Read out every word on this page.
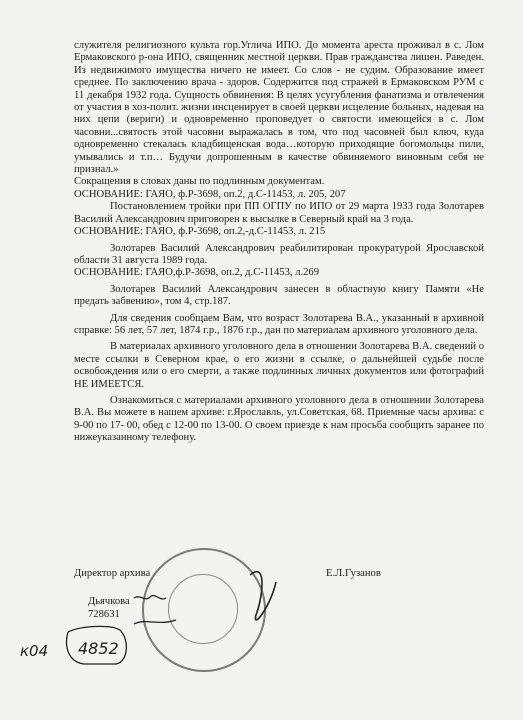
служителя религиозного культа гор.Углича ИПО. До момента ареста проживал в с. Лом Ермаковского р-она ИПО, священник местной церкви. Прав гражданства лишен. Раведен. Из недвижимого имущества ничего не имеет. Со слов - не судим. Образование имеет среднее. По заключению врача - здоров. Содержится под стражей в Ермаковском РУМ с 11 декабря 1932 года. Сущность обвинения: В целях усугубления фанатизма и отвлечения от участия в хоз-полит. жизни инсценирует в своей церкви исцеление больных, надевая на них цепи (вериги) и одновременно проповедует о святости имеющейся в с. Лом часовни...святость этой часовни выражалась в том, что под часовней был ключ, куда одновременно стекалась кладбищенская вода…которую приходящие богомольцы пили, умывались и т.п… Будучи допрошенным в качестве обвиняемого виновным себя не признал.»

Сокращения в словах даны по подлинным документам.

ОСНОВАНИЕ: ГАЯО, ф.Р-3698, оп.2, д.С-11453, л. 205, 207

Постановлением тройки при ПП ОГПУ по ИПО от 29 марта 1933 года Золотарев Василий Александрович приговорен к высылке в Северный край на 3 года.

ОСНОВАНИЕ: ГАЯО, ф.Р-3698, оп.2,-д.С-11453, л. 215

Золотарев Василий Александрович реабилитирован прокуратурой Ярославской области 31 августа 1989 года.

ОСНОВАНИЕ: ГАЯО,ф.Р-3698, оп.2, д.С-11453, л.269

Золотарев Василий Александрович занесен в областную книгу Памяти «Не предать забвению», том 4, стр.187.

Для сведения сообщаем Вам, что возраст Золотарева В.А., указанный в архивной справке: 56 лет, 57 лет, 1874 г.р., 1876 г.р., дан по материалам архивного уголовного дела.

В материалах архивного уголовного дела в отношении Золотарева В.А. сведений о месте ссылки в Северном крае, о его жизни в ссылке, о дальнейшей судьбе после освобождения или о его смерти, а также подлинных личных документов или фотографий НЕ ИМЕЕТСЯ.

Ознакомиться с материалами архивного уголовного дела в отношении Золотарева В.А. Вы можете в нашем архиве: г.Ярославль, ул.Советская, 68. Приемные часы архива: с 9-00 по 17- 00, обед с 12-00 по 13-00. О своем приезде к нам просьба сообщить заранее по нижеуказанному телефону.

Директор архива	Е.Л.Гузанов
Дьячкова
728631
к04 4852
